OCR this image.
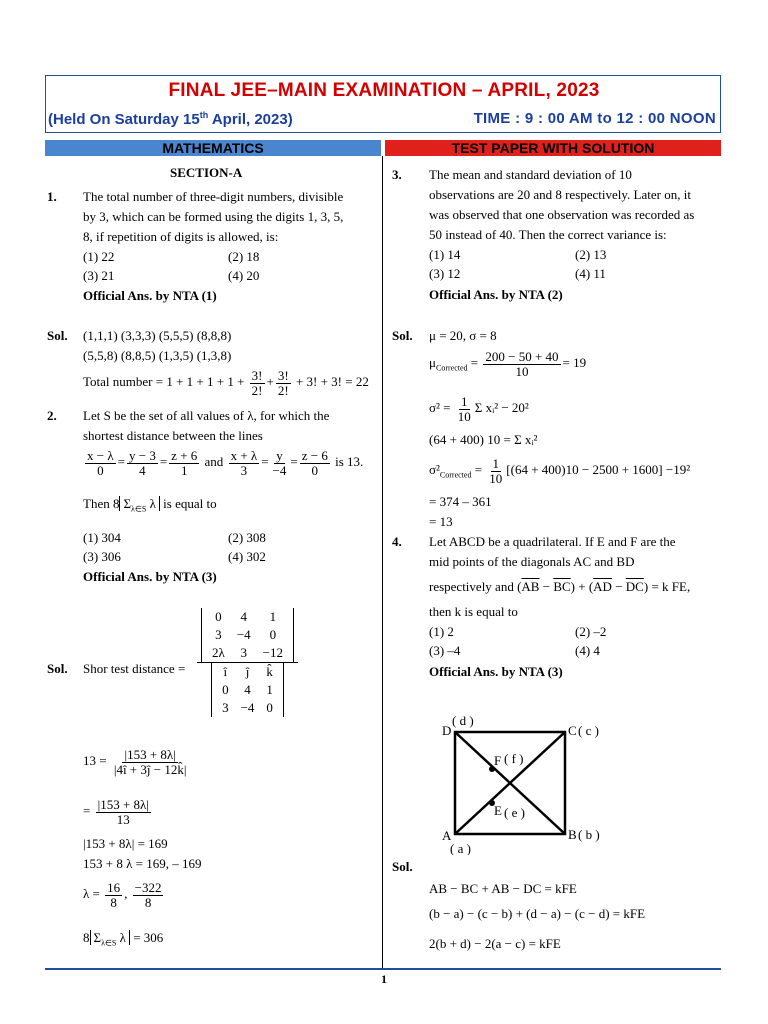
FINAL JEE–MAIN EXAMINATION – APRIL, 2023
(Held On Saturday 15th April, 2023)	TIME : 9 : 00 AM to 12 : 00 NOON
MATHEMATICS	TEST PAPER WITH SOLUTION
SECTION-A
1. The total number of three-digit numbers, divisible
by 3, which can be formed using the digits 1, 3, 5,
8, if repetition of digits is allowed, is:
(1) 22	(2) 18
(3) 21	(4) 20
Official Ans. by NTA (1)
Sol. (1,1,1) (3,3,3) (5,5,5) (8,8,8)
(5,5,8) (8,8,5) (1,3,5) (1,3,8)
Total number = $1 + 1 + 1 + 1 + \frac{3!}{2!} + \frac{3!}{2!} + 3$! + 3! = 22
2. Let S be the set of all values of λ, for which the
shortest distance between the lines
$\frac{x - \lambda}{0} = \frac{y - 3}{4} = \frac{z + 6}{1}$ and $\frac{x + \lambda}{3} = \frac{y}{-4} = \frac{z - 6}{0}$ is 13.
Then 8 $\Sigma_{\lambda\in S}$ λ is equal to
(1) 304	(2) 308
(3) 306	(4) 302
Official Ans. by NTA (3)
Sol. Shor test distance = 0	4	1
3	−4	0
2λ	3	−12
î	ĵ	k̂
0	4	1
3	−4	0
$13 = \frac{|153 + 8\lambda|}{|4î + 3ĵ - 12k̂|}$
= $\frac{|153 + 8\lambda|}{13}$
|153 + 8λ| = 169
153 + 8 λ = 169, – 169
$\lambda = \frac{16}{8}$ , $\frac{-322}{8}$
8 $\Sigma_{\lambda\in S}$ λ = 306
3. The mean and standard deviation of 10
observations are 20 and 8 respectively. Later on, it
was observed that one observation was recorded as
50 instead of 40. Then the correct variance is:
(1) 14	(2) 13
(3) 12	(4) 11
Official Ans. by NTA (2)
Sol. μ = 20, σ = 8
$\mu_{Corrected} = \frac{200 - 50 + 40}{10} = 19$
$\sigma^2 = \frac{1}{10}$ Σ xᵢ² − 20²
(64 + 400) 10 = Σ xᵢ²
$\sigma^2_{Corrected} = \frac{1}{10} [(64 + 400)10 - 2500 + 1600] -19^2$
= 374 – 361
= 13
4. Let ABCD be a quadrilateral. If E and F are the
mid points of the diagonals AC and BD
respectively and $(\overline{AB} - \overline{BC}) + (\overline{AD} - \overline{DC}) = k$ FE,
then k is equal to
(1) 2	(2) –2
(3) –4	(4) 4
Official Ans. by NTA (3)
D
( d )
C ( c )
F ( f )
E ( e )
A
( a )
B ( b )
Sol.
AB − BC + AB − DC = kFE
(b − a) − (c − b) + (d − a) − (c − d) = kFE
2(b + d) − 2(a − c) = kFE
1
